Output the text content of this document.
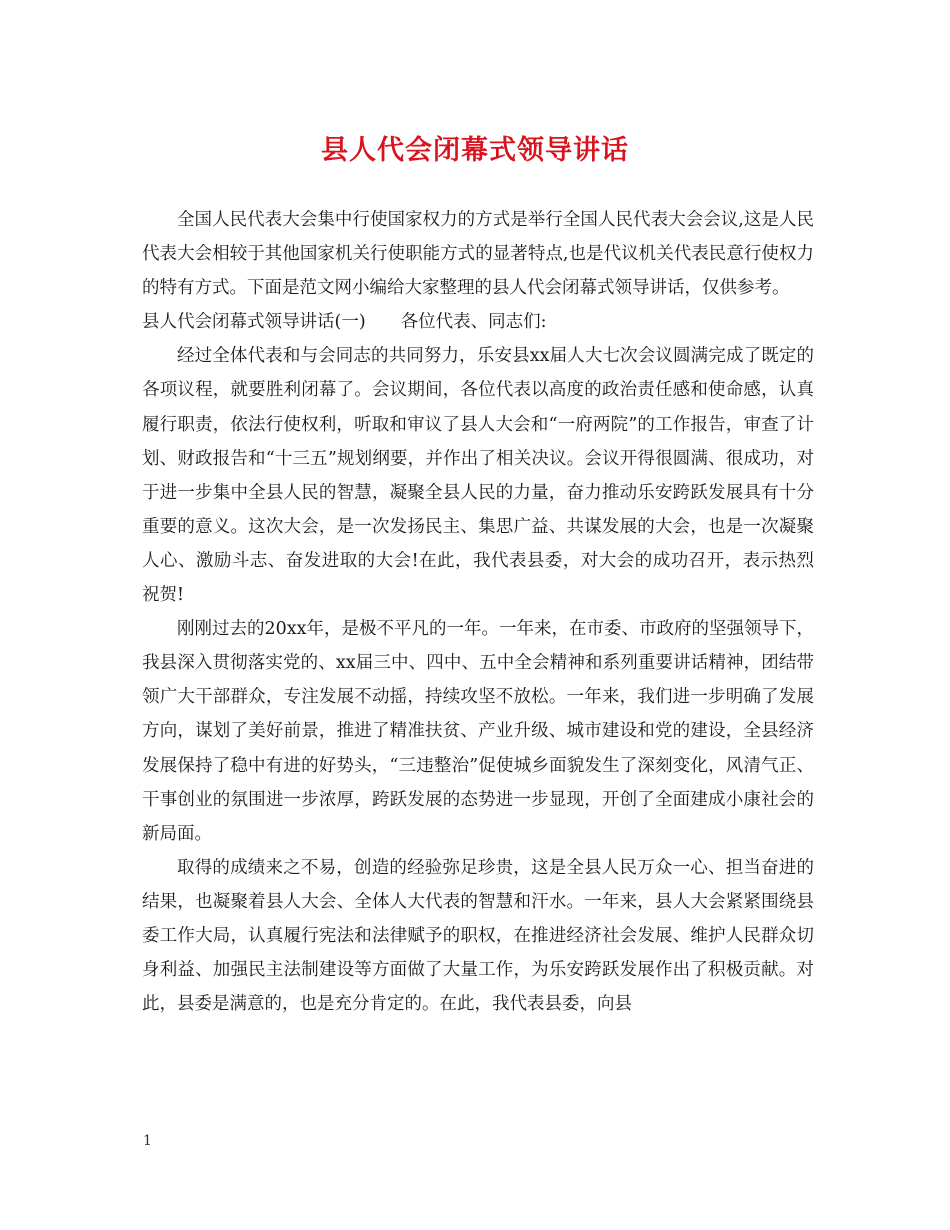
县人代会闭幕式领导讲话

全国人民代表大会集中行使国家权力的方式是举行全国人民代表大会会议,这是人民代表大会相较于其他国家机关行使职能方式的显著特点,也是代议机关代表民意行使权力的特有方式。下面是范文网小编给大家整理的县人代会闭幕式领导讲话，仅供参考。

县人代会闭幕式领导讲话(一)　　各位代表、同志们:

经过全体代表和与会同志的共同努力，乐安县xx届人大七次会议圆满完成了既定的各项议程，就要胜利闭幕了。会议期间，各位代表以高度的政治责任感和使命感，认真履行职责，依法行使权利，听取和审议了县人大会和“一府两院”的工作报告，审查了计划、财政报告和“十三五”规划纲要，并作出了相关决议。会议开得很圆满、很成功，对于进一步集中全县人民的智慧，凝聚全县人民的力量，奋力推动乐安跨跃发展具有十分重要的意义。这次大会，是一次发扬民主、集思广益、共谋发展的大会，也是一次凝聚人心、激励斗志、奋发进取的大会!在此，我代表县委，对大会的成功召开，表示热烈祝贺!

刚刚过去的20xx年，是极不平凡的一年。一年来，在市委、市政府的坚强领导下，我县深入贯彻落实党的、xx届三中、四中、五中全会精神和系列重要讲话精神，团结带领广大干部群众，专注发展不动摇，持续攻坚不放松。一年来，我们进一步明确了发展方向，谋划了美好前景，推进了精准扶贫、产业升级、城市建设和党的建设，全县经济发展保持了稳中有进的好势头，“三违整治”促使城乡面貌发生了深刻变化，风清气正、干事创业的氛围进一步浓厚，跨跃发展的态势进一步显现，开创了全面建成小康社会的新局面。

取得的成绩来之不易，创造的经验弥足珍贵，这是全县人民万众一心、担当奋进的结果，也凝聚着县人大会、全体人大代表的智慧和汗水。一年来，县人大会紧紧围绕县委工作大局，认真履行宪法和法律赋予的职权，在推进经济社会发展、维护人民群众切身利益、加强民主法制建设等方面做了大量工作，为乐安跨跃发展作出了积极贡献。对此，县委是满意的，也是充分肯定的。在此，我代表县委，向县

1
